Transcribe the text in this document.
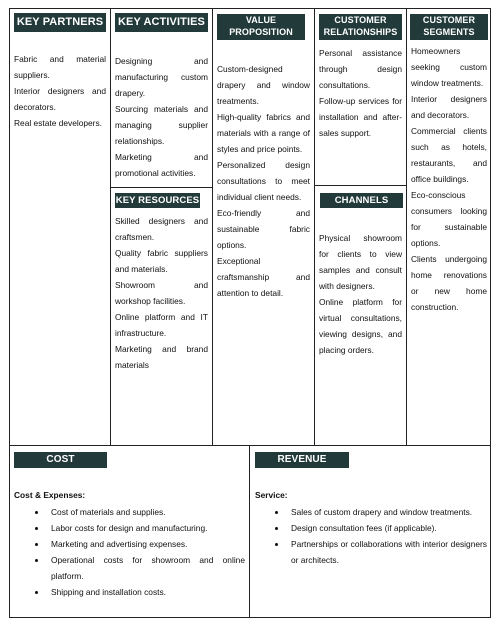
KEY PARTNERS

Fabric and material suppliers.

Interior designers and decorators.

Real estate developers.

KEY ACTIVITIES

Designing and manufacturing custom drapery.

Sourcing materials and managing supplier relationships.

Marketing and promotional activities.

KEY RESOURCES

Skilled designers and craftsmen.

Quality fabric suppliers and materials.

Showroom and workshop facilities.

Online platform and IT infrastructure.

Marketing and brand materials

VALUE
PROPOSITION

Custom-designed drapery and window treatments.

High-quality fabrics and materials with a range of styles and price points.

Personalized design consultations to meet individual client needs.

Eco-friendly and sustainable fabric options.

Exceptional craftsmanship and attention to detail.

CUSTOMER
RELATIONSHIPS

Personal assistance through design consultations.

Follow-up services for installation and after-sales support.

CHANNELS

Physical showroom for clients to view samples and consult with designers.

Online platform for virtual consultations, viewing designs, and placing orders.

CUSTOMER
SEGMENTS

Homeowners seeking custom window treatments.

Interior designers and decorators.

Commercial clients such as hotels, restaurants, and office buildings.

Eco-conscious consumers looking for sustainable options.

Clients undergoing home renovations or new home construction.

COST STRUCTURE
Cost & Expenses:
• Cost of materials and supplies.
• Labor costs for design and manufacturing.
• Marketing and advertising expenses.
• Operational costs for showroom and online platform.
• Shipping and installation costs.
REVENUE
Service:
• Sales of custom drapery and window treatments.
• Design consultation fees (if applicable).
• Partnerships or collaborations with interior designers or architects.
